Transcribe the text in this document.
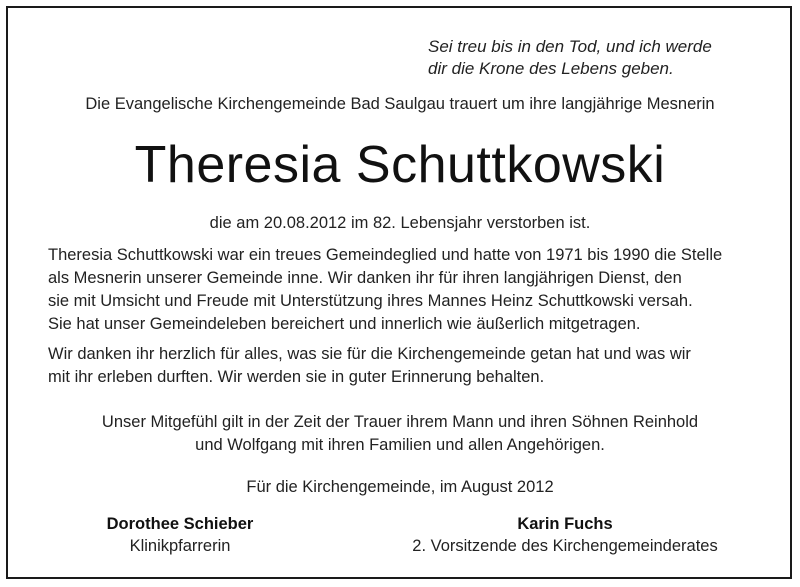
Sei treu bis in den Tod, und ich werde
dir die Krone des Lebens geben.
Die Evangelische Kirchengemeinde Bad Saulgau trauert um ihre langjährige Mesnerin
Theresia Schuttkowski
die am 20.08.2012 im 82. Lebensjahr verstorben ist.
Theresia Schuttkowski war ein treues Gemeindeglied und hatte von 1971 bis 1990 die Stelle
als Mesnerin unserer Gemeinde inne. Wir danken ihr für ihren langjährigen Dienst, den
sie mit Umsicht und Freude mit Unterstützung ihres Mannes Heinz Schuttkowski versah.
Sie hat unser Gemeindeleben bereichert und innerlich wie äußerlich mitgetragen.
Wir danken ihr herzlich für alles, was sie für die Kirchengemeinde getan hat und was wir
mit ihr erleben durften. Wir werden sie in guter Erinnerung behalten.
Unser Mitgefühl gilt in der Zeit der Trauer ihrem Mann und ihren Söhnen Reinhold
und Wolfgang mit ihren Familien und allen Angehörigen.
Für die Kirchengemeinde, im August 2012
Dorothee Schieber
Klinikpfarrerin
Karin Fuchs
2. Vorsitzende des Kirchengemeinderates
